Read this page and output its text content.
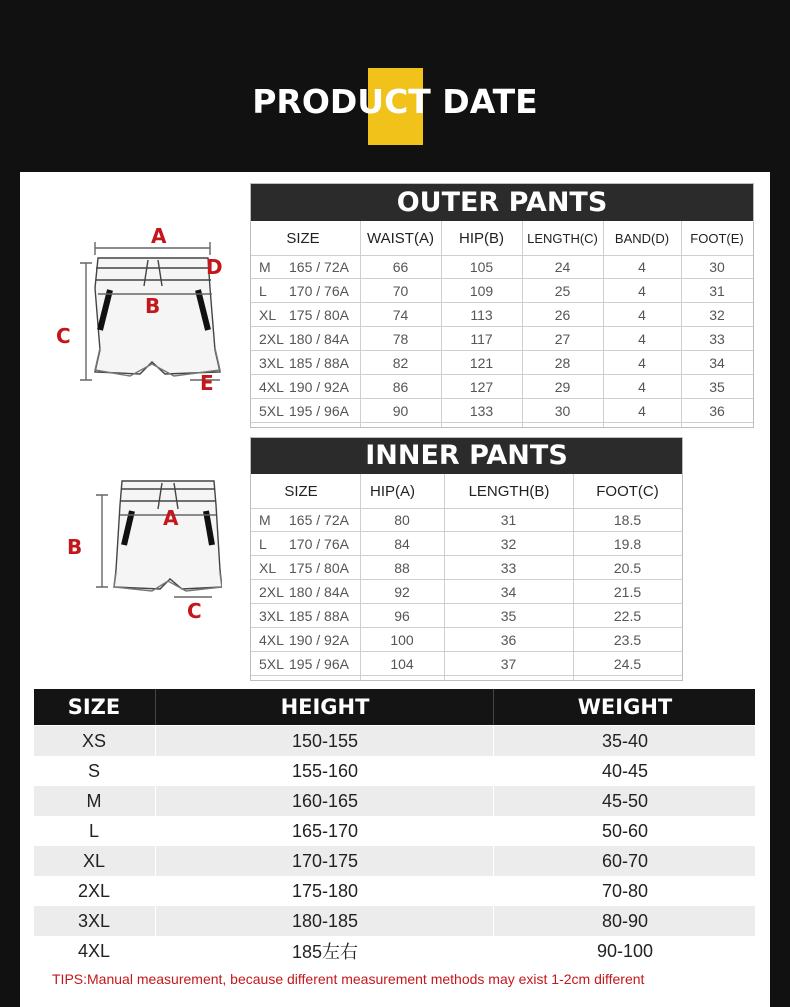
PRODUCT DATE
A
B
C
D
E
OUTER PANTS
SIZE	WAIST(A)	HIP(B)	LENGTH(C)	BAND(D)	FOOT(E)
M	165 / 72A	66	105	24	4	30
L	170 / 76A	70	109	25	4	31
XL 175 / 80A	74	113	26	4	32
2XL 180 / 84A	78	117	27	4	33
3XL 185 / 88A	82	121	28	4	34
4XL 190 / 92A	86	127	29	4	35
5XL 195 / 96A	90	133	30	4	36
A
B
C
INNER PANTS
SIZE	HIP(A)	LENGTH(B)	FOOT(C)
M	165 / 72A	80	31	18.5
L	170 / 76A	84	32	19.8
XL 175 / 80A	88	33	20.5
2XL 180 / 84A	92	34	21.5
3XL 185 / 88A	96	35	22.5
4XL 190 / 92A	100	36	23.5
5XL 195 / 96A	104	37	24.5
SIZE	HEIGHT	WEIGHT
XS	150-155	35-40
S	155-160	40-45
M	160-165	45-50
L	165-170	50-60
XL	170-175	60-70
2XL	175-180	70-80
3XL	180-185	80-90
4XL	185左右	90-100
TIPS:Manual measurement, because different measurement methods may exist 1-2cm different
